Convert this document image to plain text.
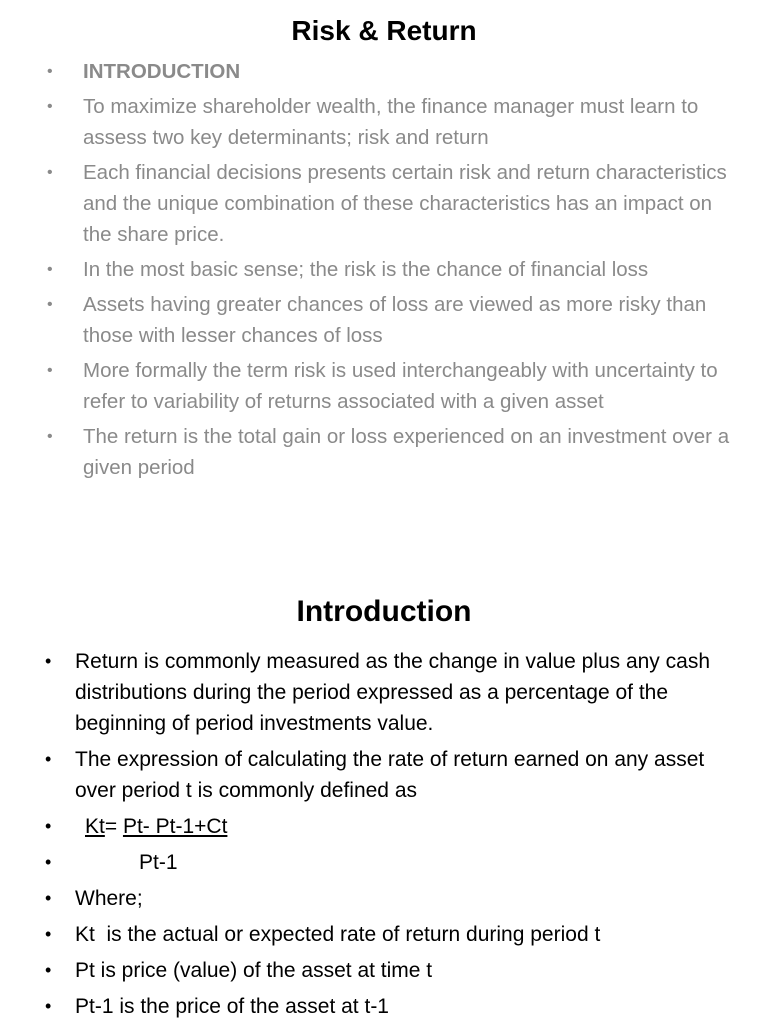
Risk & Return
• INTRODUCTION
• To maximize shareholder wealth, the finance manager must learn to assess two key determinants; risk and return
• Each financial decisions presents certain risk and return characteristics and the unique combination of these characteristics has an impact on the share price.
• In the most basic sense; the risk is the chance of financial loss
• Assets having greater chances of loss are viewed as more risky than those with lesser chances of loss
• More formally the term risk is used interchangeably with uncertainty to refer to variability of returns associated with a given asset
• The return is the total gain or loss experienced on an investment over a given period
Introduction
• Return is commonly measured as the change in value plus any cash distributions during the period expressed as a percentage of the beginning of period investments value.
• The expression of calculating the rate of return earned on any asset over period t is commonly defined as
• Kt= Pt- Pt-1+Ct
•	Pt-1
• Where;
• Kt  is the actual or expected rate of return during period t
• Pt is price (value) of the asset at time t
• Pt-1 is the price of the asset at t-1
